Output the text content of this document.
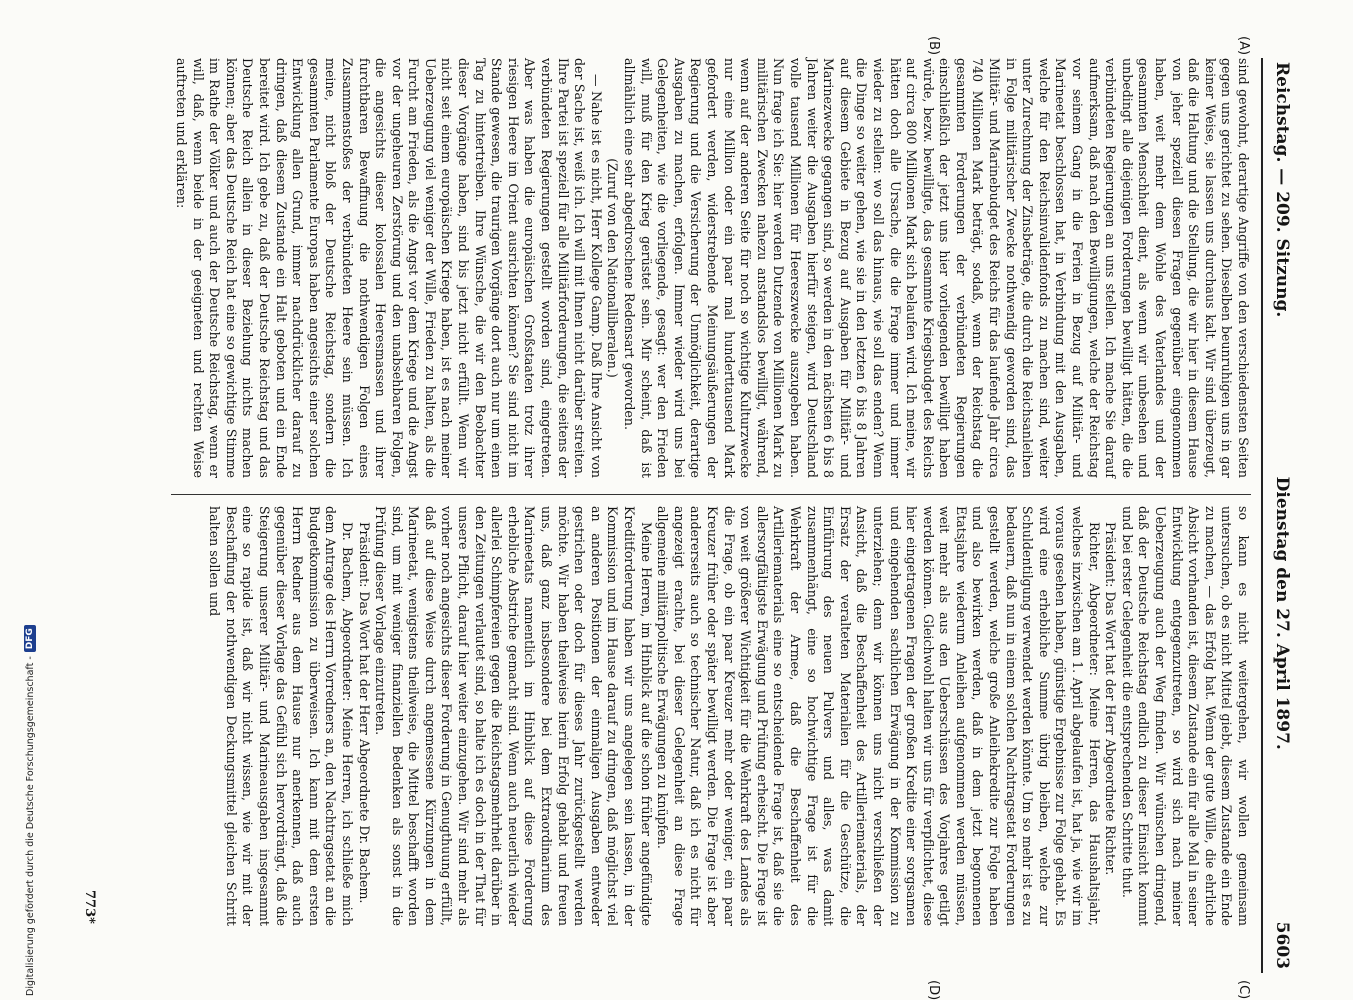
Reichstag. — 209. Sitzung.
Dienstag den 27. April 1897.  5603
(A)
(B)
(C)
(D)

sind gewohnt, derartige Angriffe von den verschiedensten Seiten gegen uns gerichtet zu sehen. Dieselben beunruhigen uns in gar keiner Weise, sie lassen uns durchaus kalt. Wir sind überzeugt, daß die Haltung und die Stellung, die wir hier in diesem Hause von jeher speziell diesen Fragen gegenüber eingenommen haben, weit mehr dem Wohle des Vaterlandes und der gesammten Menschheit dient, als wenn wir unbesehen und unbedingt alle diejenigen Forderungen bewilligt hätten, die die verbündeten Regierungen an uns stellen. Ich mache Sie darauf aufmerksam, daß nach den Bewilligungen, welche der Reichstag vor seinem Gang in die Ferien in Bezug auf Militär- und Marineetat beschlossen hat, in Verbindung mit den Ausgaben, welche für den Reichsinvalidenfonds zu machen sind, weiter unter Zurechnung der Zinsbeträge, die durch die Reichsanleihen in Folge militärischer Zwecke nothwendig geworden sind, das Militär- und Marinebudget des Reichs für das laufende Jahr circa 740 Millionen Mark beträgt, sodaß, wenn der Reichstag die gesammten Forderungen der verbündeten Regierungen einschließlich der jetzt uns hier vorliegenden bewilligt haben würde, bezw. bewilligte, das gesammte Kriegsbudget des Reichs auf circa 800 Millionen Mark sich belaufen wird. Ich meine, wir hätten doch alle Ursache, die die Frage immer und immer wieder zu stellen: wo soll das hinaus, wie soll das enden? Wenn die Dinge so weiter gehen, wie sie in den letzten 6 bis 8 Jahren auf diesem Gebiete in Bezug auf Ausgaben für Militär- und Marinezwecke gegangen sind, so werden in den nächsten 6 bis 8 Jahren weiter die Ausgaben hierfür steigen, wird Deutschland volle tausend Millionen für Heereszwecke auszugeben haben. Nun frage ich Sie: hier werden Dutzende von Millionen Mark zu militärischen Zwecken nahezu anstandslos bewilligt, während, wenn auf der anderen Seite für noch so wichtige Kulturzwecke nur eine Million oder ein paar mal hunderttausend Mark gefordert werden, widerstrebende Meinungsäußerungen der Regierung und die Versicherung der Unmöglichkeit, derartige Ausgaben zu machen, erfolgen. Immer wieder wird uns bei Gelegenheiten, wie die vorliegende, gesagt: wer den Frieden will, muß für den Krieg gerüstet sein. Mir scheint, daß ist allmählich eine sehr abgedroschene Redensart geworden.

(Zuruf von den Nationalliberalen.)

— Nahe ist es nicht, Herr Kollege Gamp. Daß Ihre Ansicht von der Sache ist, weiß ich. Ich will mit Ihnen nicht darüber streiten. Ihre Partei ist speziell für alle Militärforderungen, die seitens der verbündeten Regierungen gestellt worden sind, eingetreten. Aber was haben die europäischen Großstaaten trotz ihrer riesigen Heere im Orient ausrichten können? Sie sind nicht im Stande gewesen, die traurigen Vorgänge dort auch nur um einen Tag zu hintertreiben. Ihre Wünsche, die wir den Beobachter dieser Vorgänge haben, sind bis jetzt nicht erfüllt. Wenn wir nicht seit einem europäischen Kriege haben, ist es nach meiner Ueberzeugung viel weniger der Wille, Frieden zu halten, als die Furcht am Frieden, als die Angst vor dem Kriege und die Angst vor der ungeheuren Zerstörung und den unabsehbaren Folgen, die angesichts dieser kolossalen Heeresmassen und ihrer furchtbaren Bewaffnung die nothwendigen Folgen eines Zusammenstoßes der verbündeten Heere sein müssen. Ich meine, nicht bloß der Deutsche Reichstag, sondern die gesammten Parlamente Europas haben angesichts einer solchen Entwicklung allen Grund, immer nachdrücklicher darauf zu dringen, daß diesem Zustande ein Halt geboten und ein Ende bereitet wird. Ich gebe zu, daß der Deutsche Reichstag und das Deutsche Reich allein in dieser Beziehung nichts machen können; aber das Deutsche Reich hat eine so gewichtige Stimme im Rathe der Völker und auch der Deutsche Reichstag, wenn er will, daß, wenn beide in der geeigneten und rechten Weise auftreten und erklären:

so kann es nicht weitergehen, wir wollen gemeinsam untersuchen, ob es nicht Mittel giebt, diesem Zustande ein Ende zu machen, — das Erfolg hat. Wenn der gute Wille, die ehrliche Absicht vorhanden ist, diesem Zustande ein für alle Mal in seiner Entwicklung entgegenzutreten, so wird sich nach meiner Ueberzeugung auch der Weg finden. Wir wünschen dringend, daß der Deutsche Reichstag endlich zu dieser Einsicht kommt und bei erster Gelegenheit die entsprechenden Schritte thut.

Präsident: Das Wort hat der Herr Abgeordnete Richter.

Richter, Abgeordneter: Meine Herren, das Haushaltsjahr, welches inzwischen am 1. April abgelaufen ist, hat ja, wie wir im voraus gesehen haben, günstige Ergebnisse zur Folge gehabt. Es wird eine erhebliche Summe übrig bleiben, welche zur Schuldentilgung verwendet werden könnte. Um so mehr ist es zu bedauern, daß nun in einem solchen Nachtragsetat Forderungen gestellt werden, welche große Anleihekredite zur Folge haben und also bewirken werden, daß in dem jetzt begonnenen Etatsjahre wiederum Anleihen aufgenommen werden müssen, weit mehr als aus den Ueberschüssen des Vorjahres getilgt werden können. Gleichwohl halten wir uns für verpflichtet, diese hier eingetragenen Fragen der großen Kredite einer sorgsamen und eingehenden sachlichen Erwägung in der Kommission zu unterziehen; denn wir können uns nicht verschließen der Ansicht, daß die Beschaffenheit des Artilleriematerials, der Ersatz der veralteten Materialien für die Geschütze, die Einführung des neuen Pulvers und alles, was damit zusammenhängt, eine so hochwichtige Frage ist für die Wehrkraft der Armee, daß die Beschaffenheit des Artilleriematerials eine so entscheidende Frage ist, daß sie die allersorgfältigste Erwägung und Prüfung erheischt. Die Frage ist von weit größerer Wichtigkeit für die Wehrkraft des Landes als die Frage, ob ein paar Kreuzer mehr oder weniger, ein paar Kreuzer früher oder später bewilligt werden. Die Frage ist aber andererseits auch so technischer Natur, daß ich es nicht für angezeigt erachte, bei dieser Gelegenheit an diese Frage allgemeine militärpolitische Erwägungen zu knüpfen.

Meine Herren, im Hinblick auf die schon früher angefündigte Kreditforderung haben wir uns angelegen sein lassen, in der Kommission und im Hause darauf zu dringen, daß möglichst viel an anderen Positionen der einmaligen Ausgaben entweder gestrichen oder doch für dieses Jahr zurückgestellt werden möchte. Wir haben theilweise hierin Erfolg gehabt und freuen uns, daß ganz insbesondere bei dem Extraordinarium des Marineetats namentlich im Hinblick auf diese Forderung erhebliche Abstriche gemacht sind. Wenn auch neuerlich wieder allerlei Schimpfereien gegen die Reichstagsmehrheit darüber in den Zeitungen verlautet sind, so halte ich es doch in der That für unsere Pflicht, darauf hier weiter einzugehen. Wir sind mehr als vorher noch angesichts dieser Forderung in Genugthuung erfüllt, daß auf diese Weise durch angemessene Kürzungen in dem Marineetat, wenigstens theilweise, die Mittel beschafft worden sind, um mit weniger finanziellen Bedenken als sonst in die Prüfung dieser Vorlage einzutreten.

Präsident: Das Wort hat der Herr Abgeordnete Dr. Bachem.

Dr. Bachem, Abgeordneter: Meine Herren, ich schließe mich dem Antrage des Herrn Vorredners an, den Nachtragsetat an die Budgetkommission zu überweisen. Ich kann mit dem ersten Herrn Redner aus dem Hause nur anerkennen, daß auch gegenüber dieser Vorlage das Gefühl sich hervordrängt, daß die Steigerung unserer Militär- und Marineausgaben insgesammt eine so rapide ist, daß wir nicht wissen, wie wir mit der Beschaffung der nothwendigen Deckungsmittel gleichen Schritt halten sollen und

773*
Digitalisierung gefördert durch die Deutsche Forschungsgemeinschaft -
DFG
